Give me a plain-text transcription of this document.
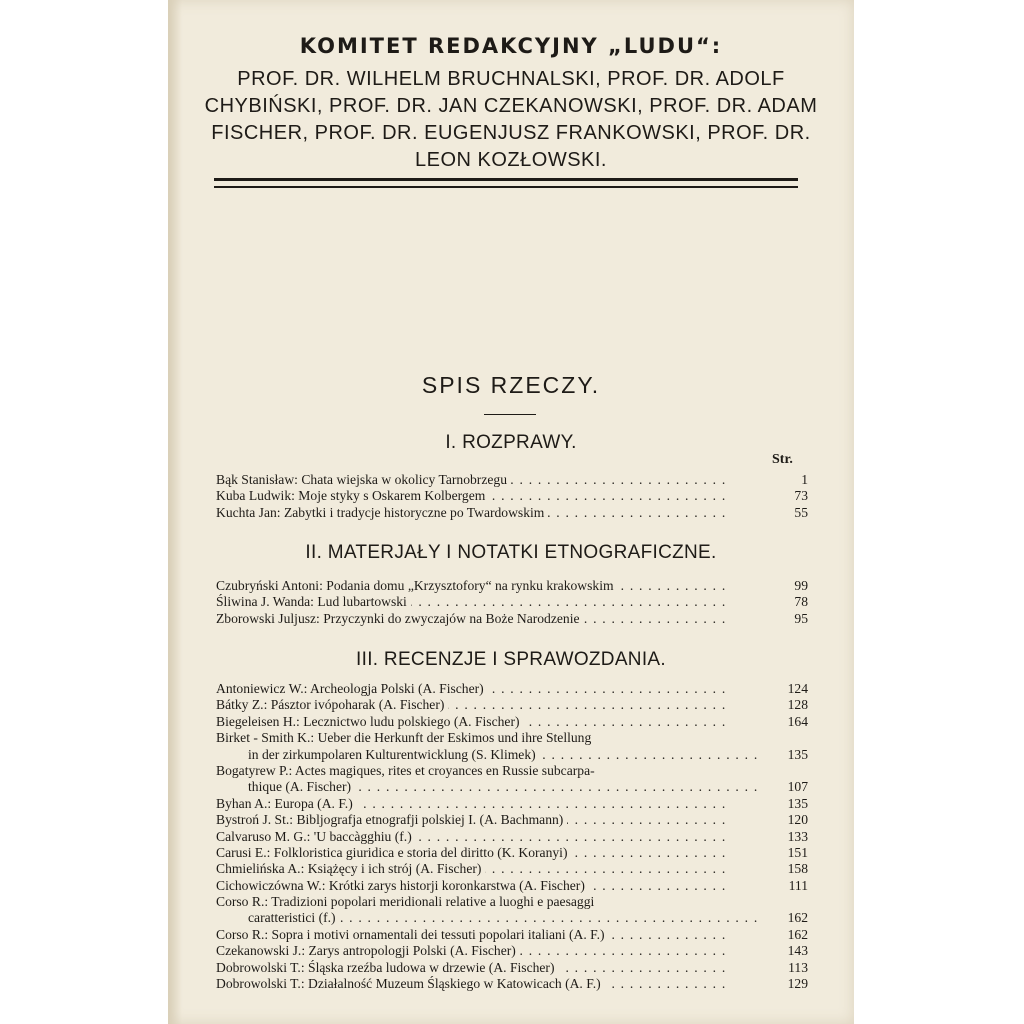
KOMITET REDAKCYJNY „LUDU“:
PROF. DR. WILHELM BRUCHNALSKI, PROF. DR. ADOLF CHYBIŃSKI, PROF. DR. JAN CZEKANOWSKI, PROF. DR. ADAM FISCHER, PROF. DR. EUGENJUSZ FRANKOWSKI, PROF. DR. LEON KOZŁOWSKI.
SPIS RZECZY.
I. ROZPRAWY.
Str.
Bąk Stanisław: Chata wiejska w okolicy Tarnobrzegu . . .	1
Kuba Ludwik: Moje styky s Oskarem Kolbergem . . .	73
Kuchta Jan: Zabytki i tradycje historyczne po Twardowskim . . .	55
II. MATERJAŁY I NOTATKI ETNOGRAFICZNE.
Czubryński Antoni: Podania domu „Krzysztofory“ na rynku krakowskim . . .	99
Śliwina J. Wanda: Lud lubartowski . . .	78
Zborowski Juljusz: Przyczynki do zwyczajów na Boże Narodzenie . . .	95
III. RECENZJE I SPRAWOZDANIA.
Antoniewicz W.: Archeologja Polski (A. Fischer) . . .	124
Bátky Z.: Pásztor ivópoharak (A. Fischer) . . .	128
Biegeleisen H.: Lecznictwo ludu polskiego (A. Fischer) . . .	164
Birket - Smith K.: Ueber die Herkunft der Eskimos und ihre Stellung
in der zirkumpolaren Kulturentwicklung (S. Klimek) . . .	135
Bogatyrew P.: Actes magiques, rites et croyances en Russie subcarpa-
thique (A. Fischer) . . .	107
Byhan A.: Europa (A. F.) . . .	135
Bystroń J. St.: Bibljografja etnografji polskiej I. (A. Bachmann) . . .	120
Calvaruso M. G.: 'U baccàgghiu (f.) . . .	133
Carusi E.: Folkloristica giuridica e storia del diritto (K. Koranyi) . . .	151
Chmielińska A.: Książęcy i ich strój (A. Fischer) . . .	158
Cichowiczówna W.: Krótki zarys historji koronkarstwa (A. Fischer) . . .	111
Corso R.: Tradizioni popolari meridionali relative a luoghi e paesaggi
caratteristici (f.) . . .	162
Corso R.: Sopra i motivi ornamentali dei tessuti popolari italiani (A. F.) . . .	162
Czekanowski J.: Zarys antropologji Polski (A. Fischer) . . .	143
Dobrowolski T.: Śląska rzeźba ludowa w drzewie (A. Fischer) . . .	113
Dobrowolski T.: Działalność Muzeum Śląskiego w Katowicach (A. F.) . . .	129
